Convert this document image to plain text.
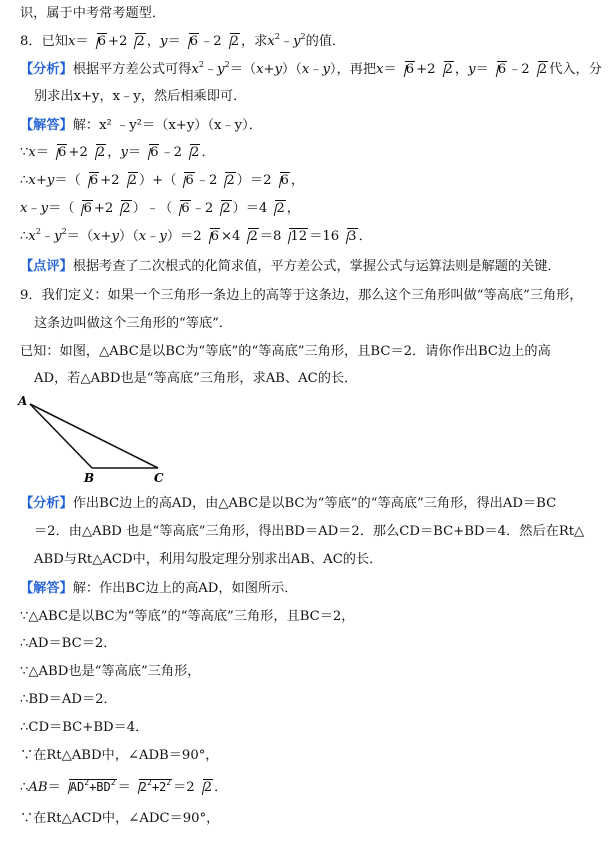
识，属于中考常考题型．
8．已知x＝ 6 +2 2 ，y＝ 6 ﹣2 2 ，求$x^2﹣y^2$的值．
【分析】根据平方差公式可得$x^2﹣y^2=(x+y)(x﹣y)$，再把x＝ 6 +2 2 ，y＝ 6 ﹣2 2 代入，分
别求出x+y，x﹣y，然后相乘即可．
【解答】解：x² ﹣y²＝（x+y）（x﹣y）．
∵x＝ 6 +2 2 ，y＝ 6 ﹣2 2 ．
∴x+y＝（ 6 +2 2 ）+（ 6 ﹣2 2 ）＝2 6 ，
x﹣y＝（ 6 +2 2 ）﹣（ 6 ﹣2 2 ）＝4 2 ，
$\therefore x^2﹣y^2=(x+y)(x﹣y)=2$ 6 ×4 2 ＝8 12 ＝16 3 ．
【点评】根据考查了二次根式的化简求值，平方差公式，掌握公式与运算法则是解题的关键．
9．我们定义：如果一个三角形一条边上的高等于这条边，那么这个三角形叫做“等高底”三角形，
这条边叫做这个三角形的“等底”．
已知：如图，△ABC是以BC为“等底”的“等高底”三角形，且BC＝2．请你作出BC边上的高
AD，若△ABD也是“等高底”三角形，求AB、AC的长．
A
B	C
【分析】作出BC边上的高AD，由△ABC是以BC为“等底”的“等高底”三角形，得出AD＝BC
＝2．由△ABD 也是“等高底”三角形，得出BD＝AD＝2．那么CD＝BC+BD＝4．然后在Rt△
ABD与Rt△ACD中，利用勾股定理分别求出AB、AC的长．
【解答】解：作出BC边上的高AD，如图所示．
∵△ABC是以BC为“等底”的“等高底”三角形，且BC＝2，
∴AD＝BC＝2．
∵△ABD也是“等高底”三角形，
∴BD＝AD＝2．
∴CD＝BC+BD＝4．
∵在Rt△ABD中，∠ADB＝90°，
∴AB＝ $AD^2+BD^2 = 2^2+2^2 =2$ 2 ．
∵在Rt△ACD中，∠ADC＝90°，
